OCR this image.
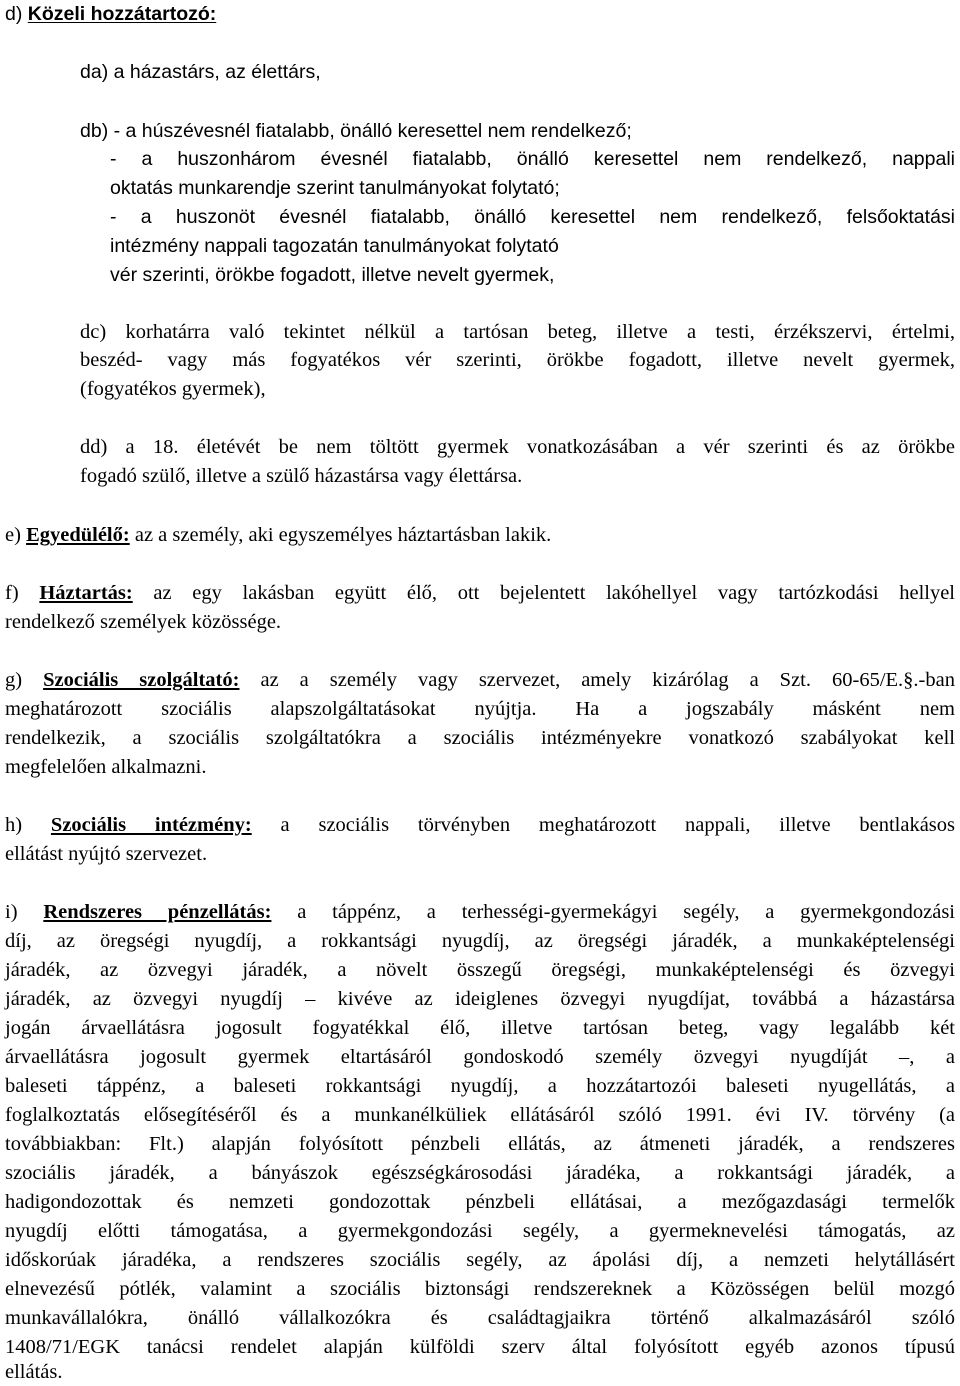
d) Közeli hozzátartozó:
da) a házastárs, az élettárs,
db) - a húszévesnél fiatalabb, önálló keresettel nem rendelkező;
- a huszonhárom évesnél fiatalabb, önálló keresettel nem rendelkező, nappali
oktatás munkarendje szerint tanulmányokat folytató;
- a huszonöt évesnél fiatalabb, önálló keresettel nem rendelkező, felsőoktatási
intézmény nappali tagozatán tanulmányokat folytató
vér szerinti, örökbe fogadott, illetve nevelt gyermek,
dc) korhatárra való tekintet nélkül a tartósan beteg, illetve a testi, érzékszervi, értelmi,
beszéd- vagy más fogyatékos vér szerinti, örökbe fogadott, illetve nevelt gyermek,
(fogyatékos gyermek),
dd) a 18. életévét be nem töltött gyermek vonatkozásában a vér szerinti és az örökbe
fogadó szülő, illetve a szülő házastársa vagy élettársa.
e) Egyedülélő: az a személy, aki egyszemélyes háztartásban lakik.
f) Háztartás: az egy lakásban együtt élő, ott bejelentett lakóhellyel vagy tartózkodási hellyel
rendelkező személyek közössége.
g) Szociális szolgáltató: az a személy vagy szervezet, amely kizárólag a Szt. 60-65/E.§.-ban
meghatározott szociális alapszolgáltatásokat nyújtja. Ha a jogszabály másként nem
rendelkezik, a szociális szolgáltatókra a szociális intézményekre vonatkozó szabályokat kell
megfelelően alkalmazni.
h) Szociális intézmény: a szociális törvényben meghatározott nappali, illetve bentlakásos
ellátást nyújtó szervezet.
i) Rendszeres pénzellátás: a táppénz, a terhességi-gyermekágyi segély, a gyermekgondozási
díj, az öregségi nyugdíj, a rokkantsági nyugdíj, az öregségi járadék, a munkaképtelenségi
járadék, az özvegyi járadék, a növelt összegű öregségi, munkaképtelenségi és özvegyi
járadék, az özvegyi nyugdíj – kivéve az ideiglenes özvegyi nyugdíjat, továbbá a házastársa
jogán árvaellátásra jogosult fogyatékkal élő, illetve tartósan beteg, vagy legalább két
árvaellátásra jogosult gyermek eltartásáról gondoskodó személy özvegyi nyugdíját –, a
baleseti táppénz, a baleseti rokkantsági nyugdíj, a hozzátartozói baleseti nyugellátás, a
foglalkoztatás elősegítéséről és a munkanélküliek ellátásáról szóló 1991. évi IV. törvény (a
továbbiakban: Flt.) alapján folyósított pénzbeli ellátás, az átmeneti járadék, a rendszeres
szociális járadék, a bányászok egészségkárosodási járadéka, a rokkantsági járadék, a
hadigondozottak és nemzeti gondozottak pénzbeli ellátásai, a mezőgazdasági termelők
nyugdíj előtti támogatása, a gyermekgondozási segély, a gyermeknevelési támogatás, az
időskorúak járadéka, a rendszeres szociális segély, az ápolási díj, a nemzeti helytállásért
elnevezésű pótlék, valamint a szociális biztonsági rendszereknek a Közösségen belül mozgó
munkavállalókra, önálló vállalkozókra és családtagjaikra történő alkalmazásáról szóló
1408/71/EGK tanácsi rendelet alapján külföldi szerv által folyósított egyéb azonos típusú
ellátás.
